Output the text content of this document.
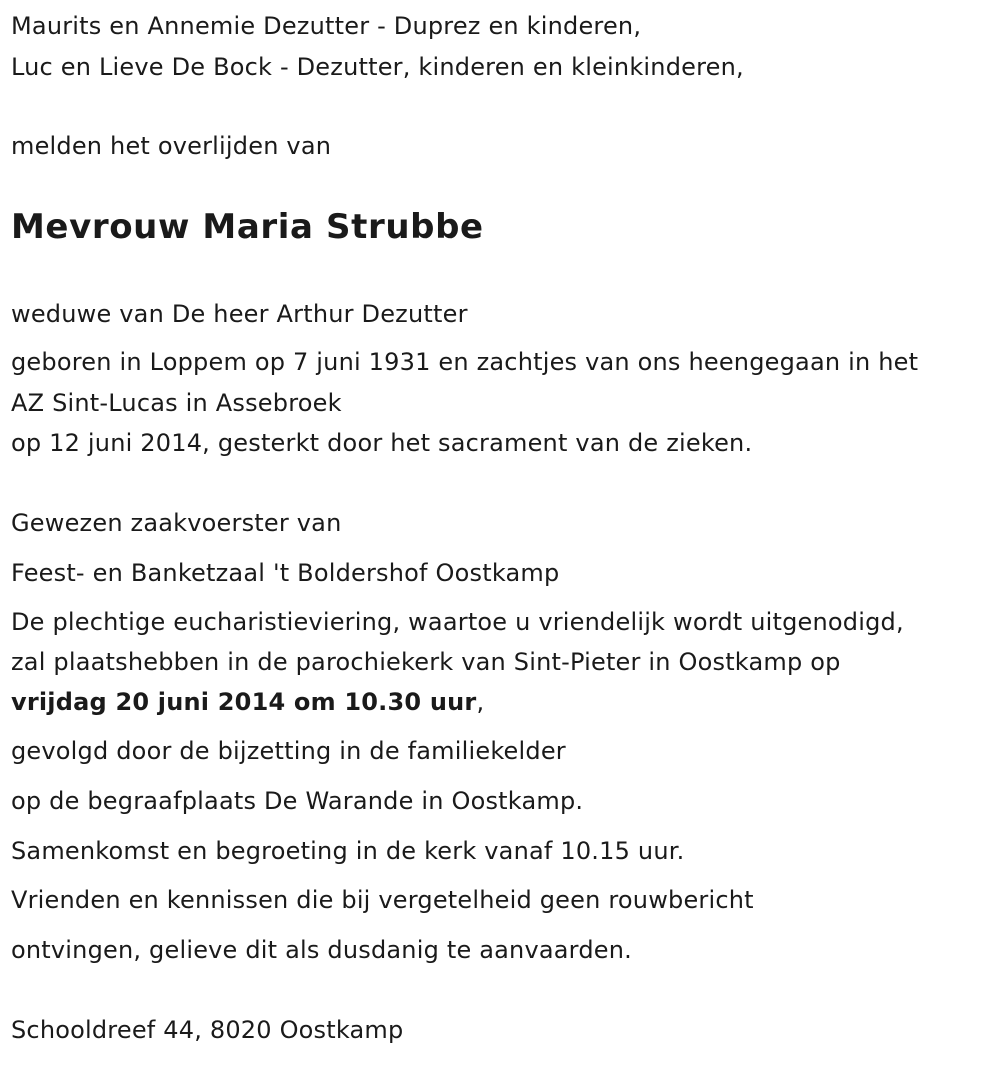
Maurits en Annemie Dezutter - Duprez en kinderen,
Luc en Lieve De Bock - Dezutter, kinderen en kleinkinderen,
melden het overlijden van
Mevrouw Maria Strubbe
weduwe van De heer Arthur Dezutter
geboren in Loppem op 7 juni 1931 en zachtjes van ons heengegaan in het
AZ Sint-Lucas in Assebroek
op 12 juni 2014, gesterkt door het sacrament van de zieken.
Gewezen zaakvoerster van
Feest- en Banketzaal 't Boldershof Oostkamp
De plechtige eucharistieviering, waartoe u vriendelijk wordt uitgenodigd,
zal plaatshebben in de parochiekerk van Sint-Pieter in Oostkamp op
vrijdag 20 juni 2014 om 10.30 uur,
gevolgd door de bijzetting in de familiekelder
op de begraafplaats De Warande in Oostkamp.
Samenkomst en begroeting in de kerk vanaf 10.15 uur.
Vrienden en kennissen die bij vergetelheid geen rouwbericht
ontvingen, gelieve dit als dusdanig te aanvaarden.
Schooldreef 44, 8020 Oostkamp
